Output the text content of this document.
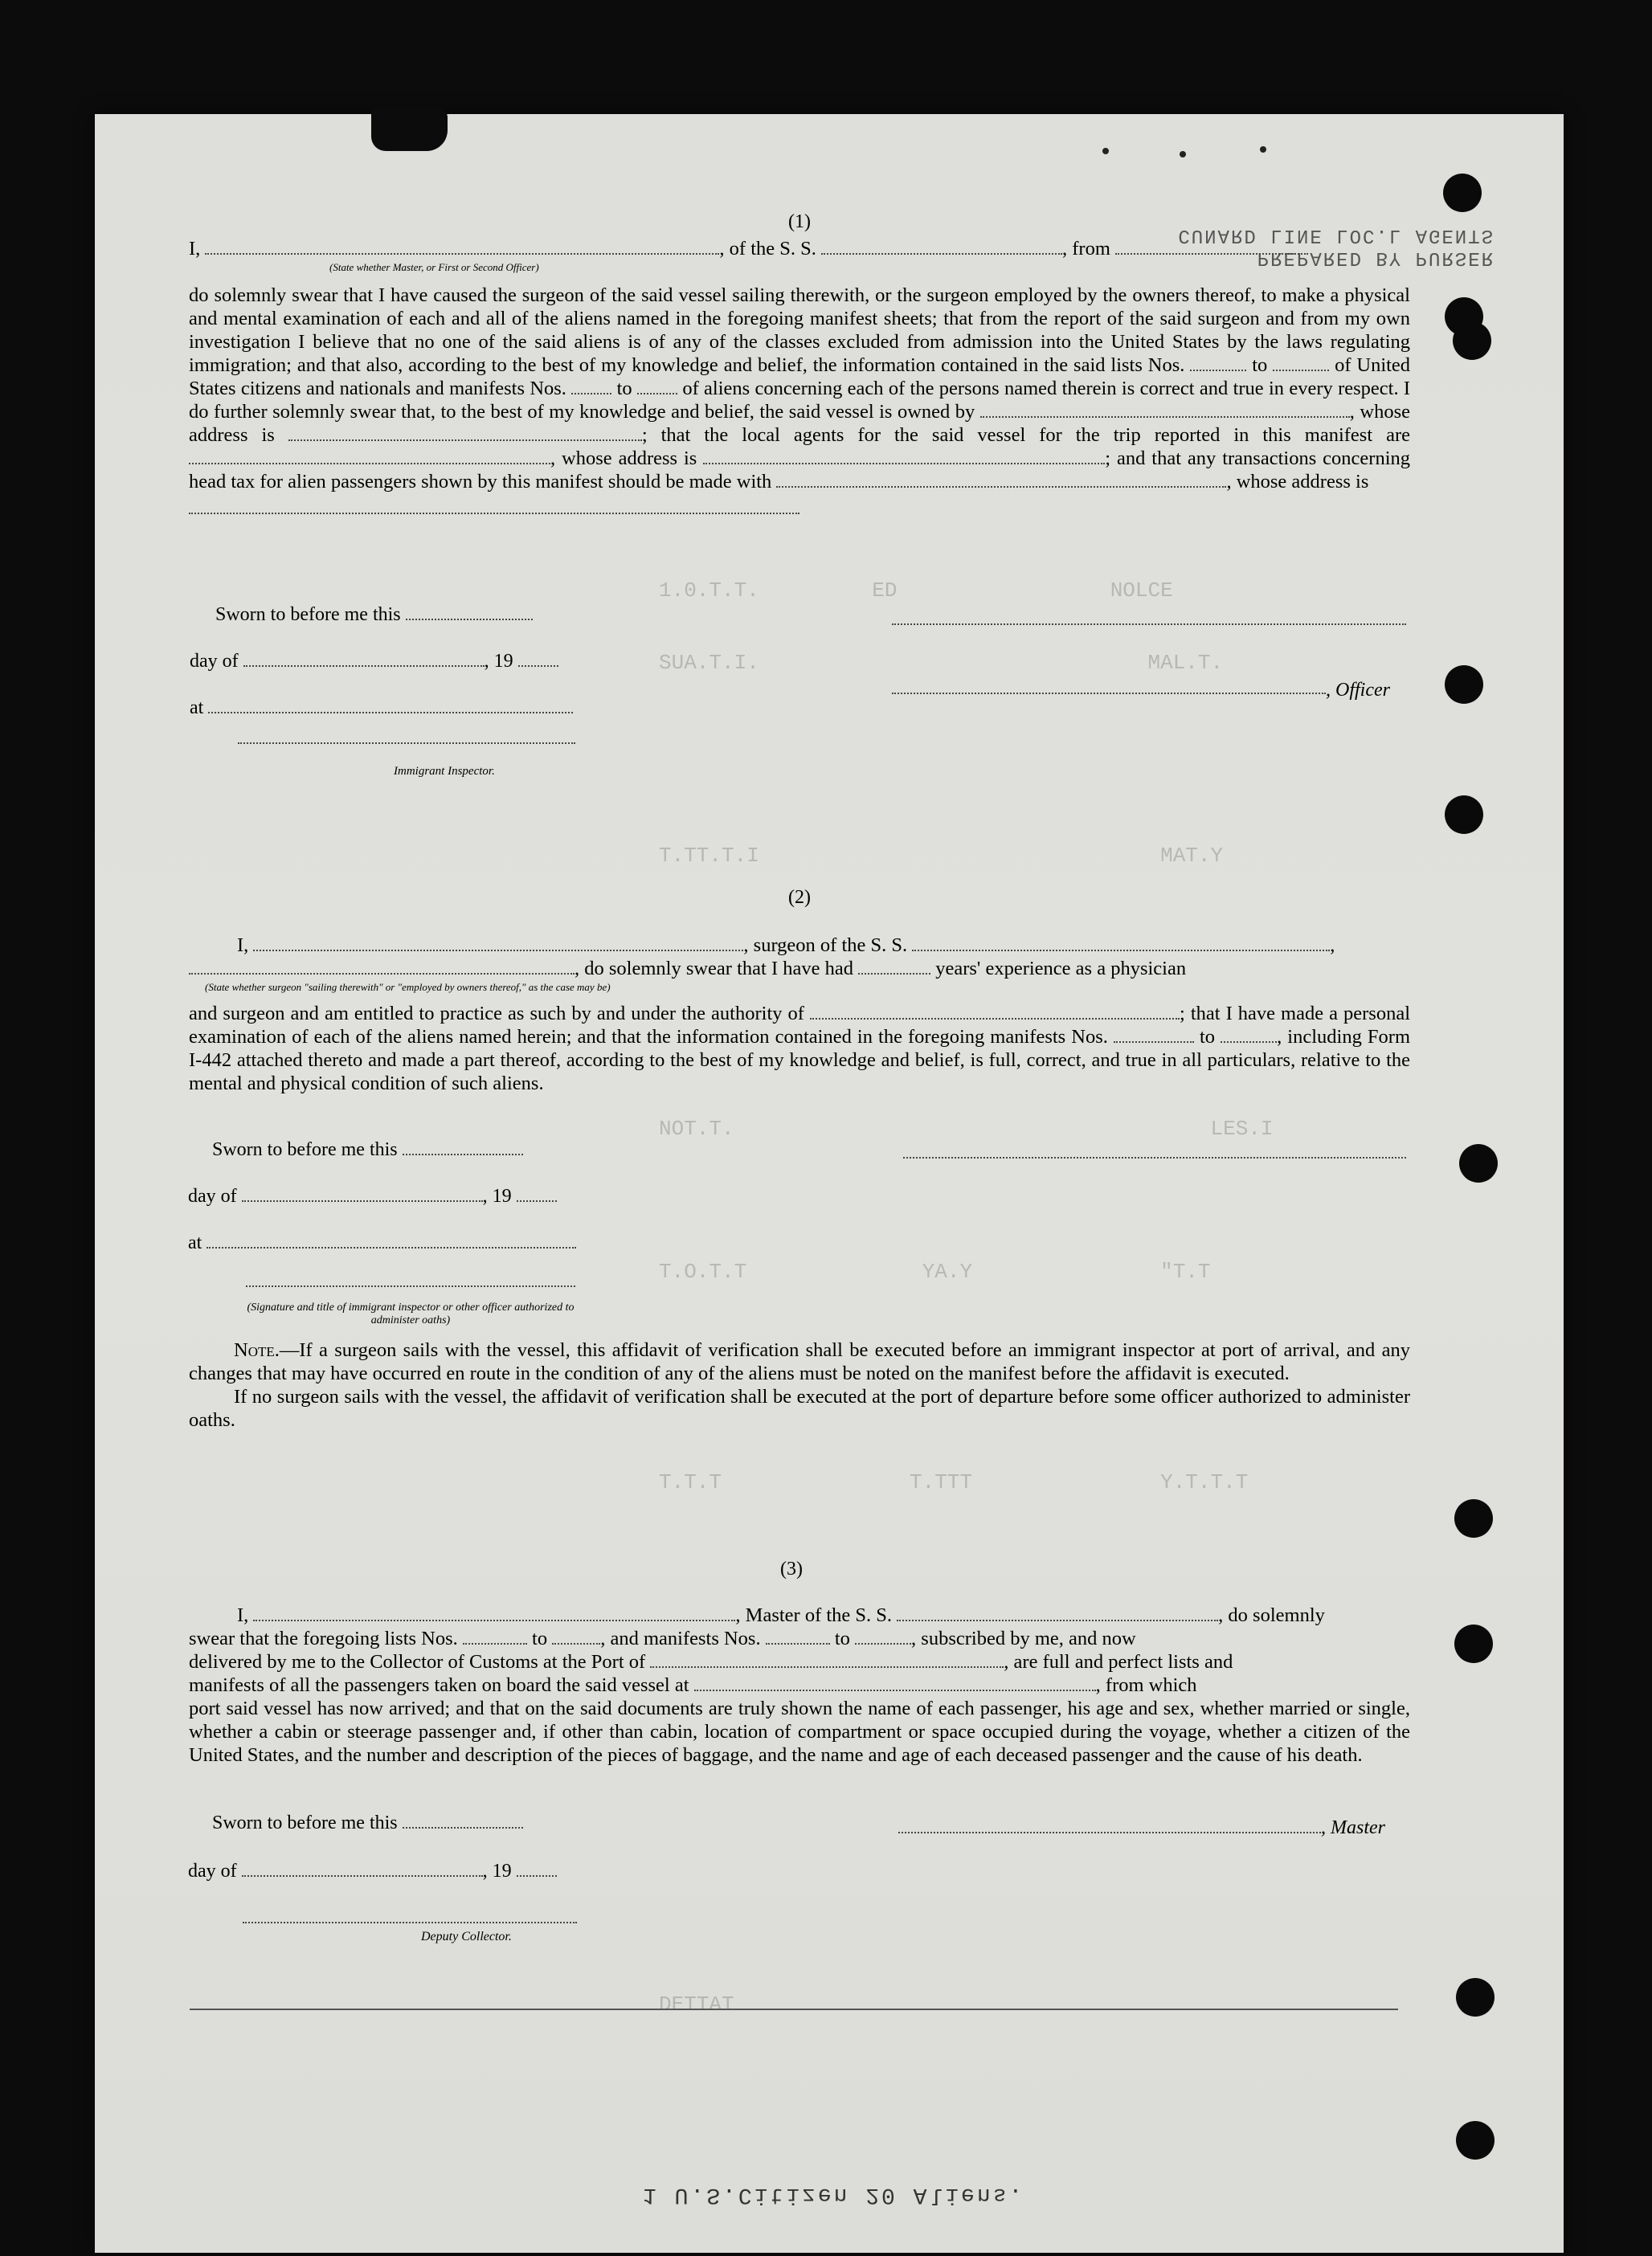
1.0.T.T.         ED                 NOLCE
SUA.T.I.                               MAL.T.
T.TT.T.I                                MAT.Y
NOT.T.                                      LES.I
T.O.T.T              YA.Y               "T.T
T.T.T               T.TTT               Y.T.T.T
DETTAT
PREPARED BY PURSER
CUNARD LINE LOC.L AGENTS
(1)
I,	, of the S. S.	, from
(State whether Master, or First or Second Officer)

do solemnly swear that I have caused the surgeon of the said vessel sailing therewith, or the surgeon employed by the owners thereof, to make a physical and mental examination of each and all of the aliens named in the foregoing manifest sheets; that from the report of the said surgeon and from my own investigation I believe that no one of the said aliens is of any of the classes excluded from admission into the United States by the laws regulating immigration; and that also, according to the best of my knowledge and belief, the information contained in the said lists Nos.	to	of United States citizens and nationals and manifests Nos.	to	of aliens concerning each of the persons named therein is correct and true in every respect. I do further solemnly swear that, to the best of my knowledge and belief, the said vessel is owned by	, whose address is	; that the local agents for the said vessel for the trip reported in this manifest are , whose address is	; and that any transactions concerning head tax for alien passengers shown by this manifest should be made with	, whose address is

Sworn to before me this
day of	, 19
at
Immigrant Inspector.
, Officer
(2)
I,	, surgeon of the S. S.	,
, do solemnly swear that I have had	years' experience as a physician
(State whether surgeon "sailing therewith" or "employed by owners thereof," as the case may be)

and surgeon and am entitled to practice as such by and under the authority of	; that I have made a personal examination of each of the aliens named herein; and that the information contained in the foregoing manifests Nos.	to	, including Form I-442 attached thereto and made a part thereof, according to the best of my knowledge and belief, is full, correct, and true in all particulars, relative to the mental and physical condition of such aliens.

Sworn to before me this
day of	, 19
at
(Signature and title of immigrant inspector or other officer authorized to administer oaths)

Note.—If a surgeon sails with the vessel, this affidavit of verification shall be executed before an immigrant inspector at port of arrival, and any changes that may have occurred en route in the condition of any of the aliens must be noted on the manifest before the affidavit is executed.

If no surgeon sails with the vessel, the affidavit of verification shall be executed at the port of departure before some officer authorized to administer oaths.

(3)
I,	, Master of the S. S.	, do solemnly
swear that the foregoing lists Nos.	to	, and manifests Nos.	to	, subscribed by me, and now
delivered by me to the Collector of Customs at the Port of	, are full and perfect lists and
manifests of all the passengers taken on board the said vessel at	, from which

port said vessel has now arrived; and that on the said documents are truly shown the name of each passenger, his age and sex, whether married or single, whether a cabin or steerage passenger and, if other than cabin, location of compartment or space occupied during the voyage, whether a citizen of the United States, and the number and description of the pieces of baggage, and the name and age of each deceased passenger and the cause of his death.

Sworn to before me this
day of	, 19
Deputy Collector.
, Master
1 U.S.Citizen 20 Aliens.
